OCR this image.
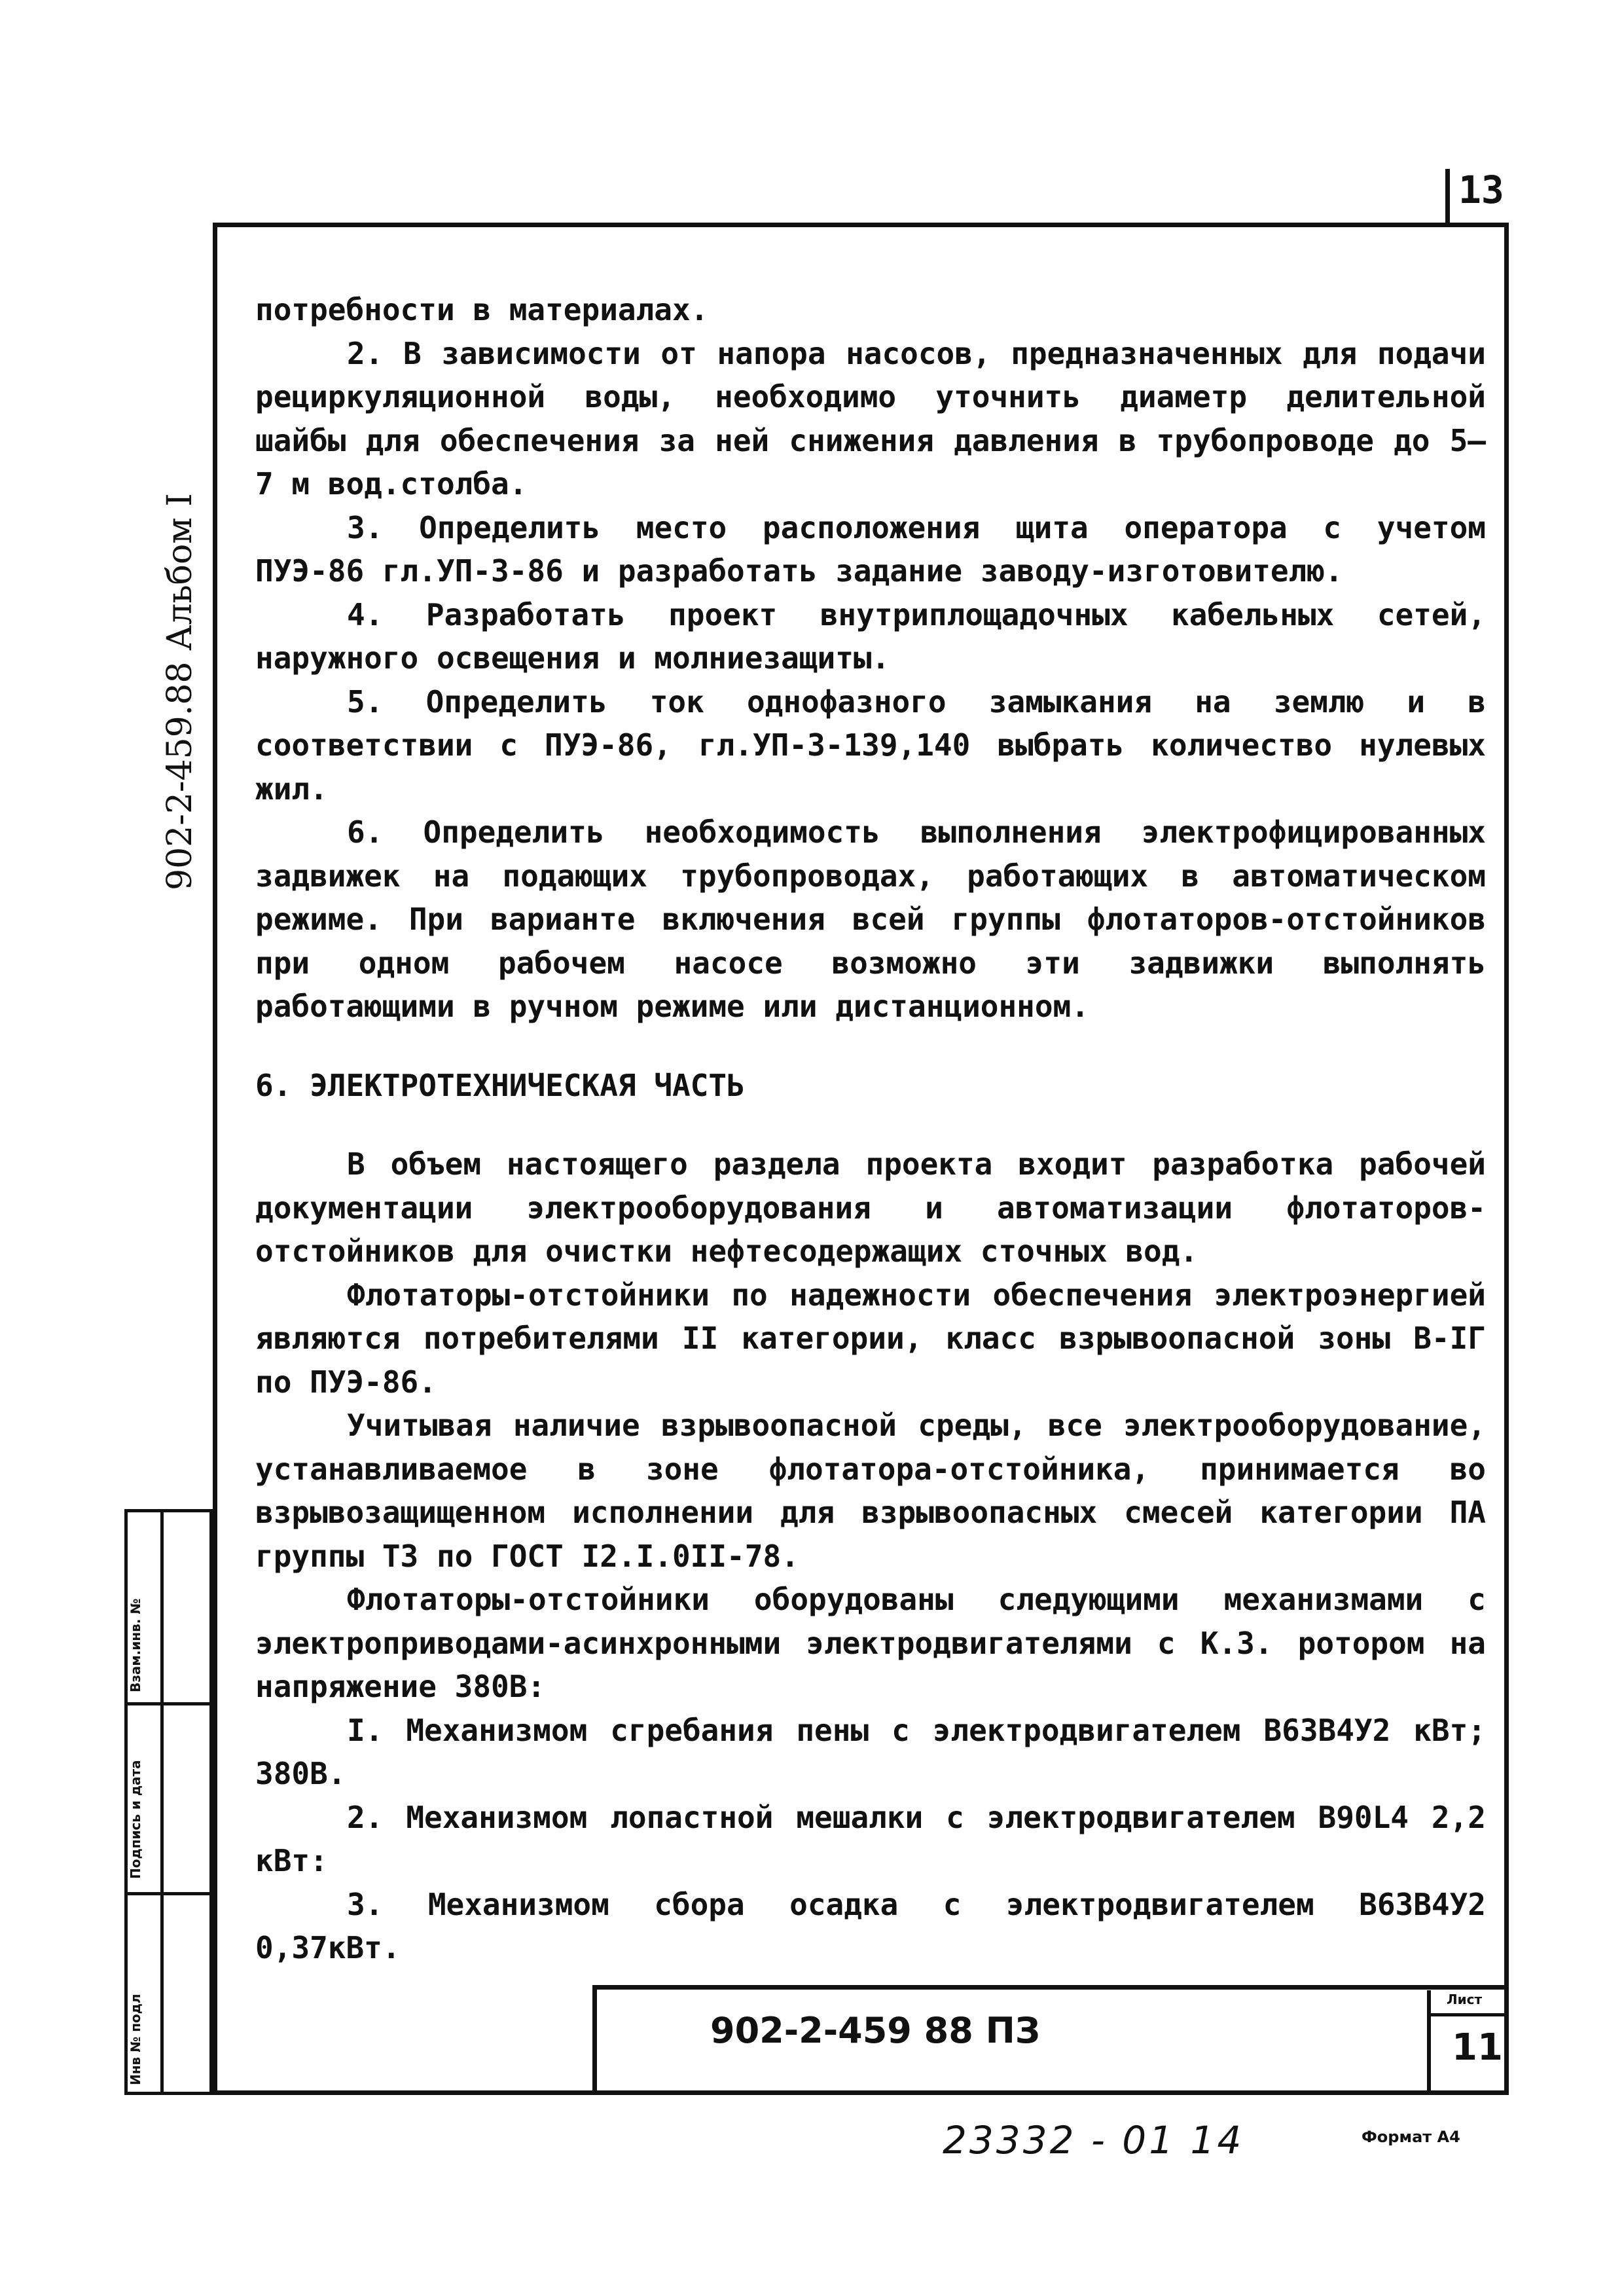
13
902-2-459.88 Альбом I
Взам.инв. №
Подпись и дата
Инв № подл

потребности в материалах.

2. В зависимости от напора насосов, предназначенных для подачи рециркуляционной воды, необходимо уточнить диаметр делительной шайбы для обеспечения за ней снижения давления в трубопроводе до 5–7 м вод.столба.

3. Определить место расположения щита оператора с учетом ПУЭ-86 гл.УП-3-86 и разработать задание заводу-изготовителю.

4. Разработать проект внутриплощадочных кабельных сетей, наружного освещения и молниезащиты.

5. Определить ток однофазного замыкания на землю и в соответствии с ПУЭ-86, гл.УП-3-139,140 выбрать количество нулевых жил.

6. Определить необходимость выполнения электрофицированных задвижек на подающих трубопроводах, работающих в автоматическом режиме. При варианте включения всей группы флотаторов-отстойников при одном рабочем насосе возможно эти задвижки выполнять работающими в ручном режиме или дистанционном.

6. ЭЛЕКТРОТЕХНИЧЕСКАЯ ЧАСТЬ

В объем настоящего раздела проекта входит разработка рабочей документации электрооборудования и автоматизации флотаторов-отстойников для очистки нефтесодержащих сточных вод.

Флотаторы-отстойники по надежности обеспечения электроэнергией являются потребителями II категории, класс взрывоопасной зоны В-IГ по ПУЭ-86.

Учитывая наличие взрывоопасной среды, все электрооборудование, устанавливаемое в зоне флотатора-отстойника, принимается во взрывозащищенном исполнении для взрывоопасных смесей категории ПА группы ТЗ по ГОСТ I2.I.0II-78.

Флотаторы-отстойники оборудованы следующими механизмами с электроприводами-асинхронными электродвигателями с К.З. ротором на напряжение 380В:

I. Механизмом сгребания пены с электродвигателем В63В4У2 кВт; 380В.

2. Механизмом лопастной мешалки с электродвигателем В90L4 2,2 кВт:

3. Механизмом сбора осадка с электродвигателем В63В4У2 0,37кВт.

902-2-459 88 ПЗ
Лист
11
23332 - 01 14	Формат А4
